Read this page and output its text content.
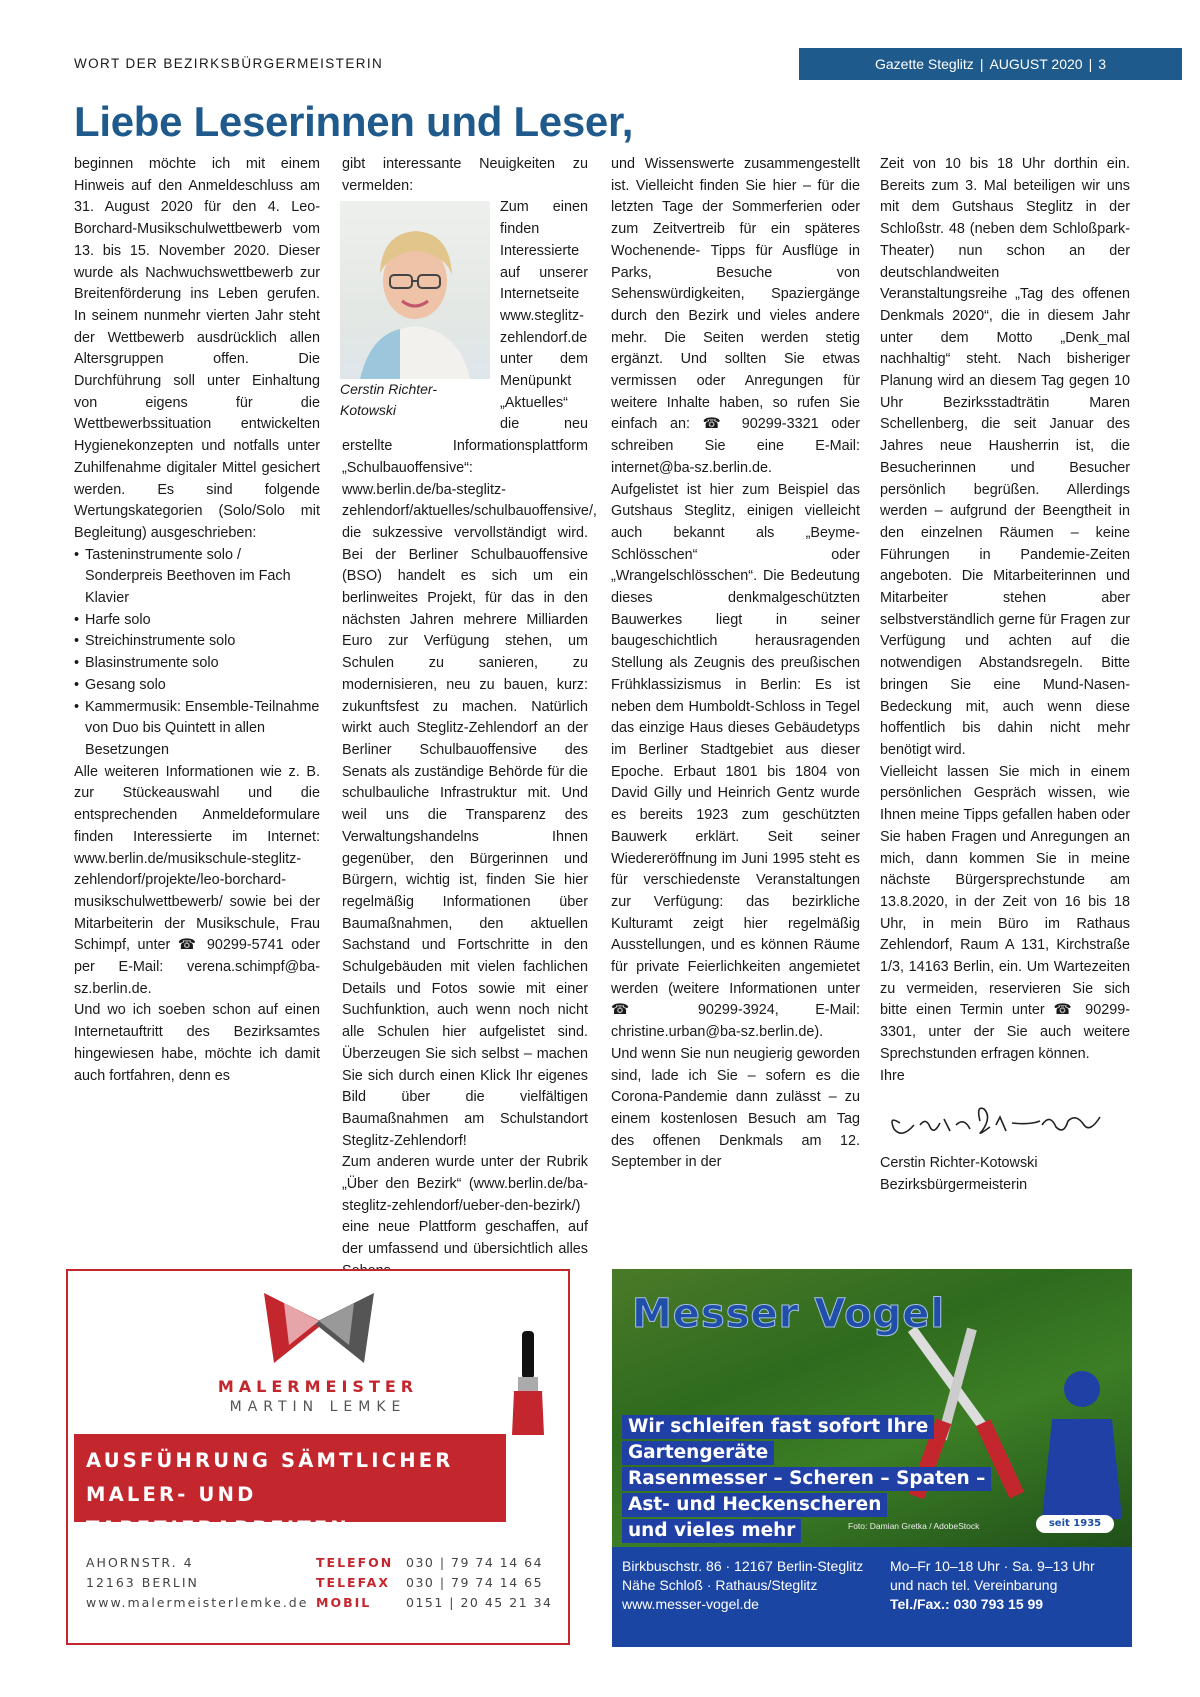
WORT DER BEZIRKSBÜRGERMEISTERIN	Gazette Steglitz | AUGUST 2020 | 3
Liebe Leserinnen und Leser,

beginnen möchte ich mit einem Hinweis auf den Anmeldeschluss am 31. August 2020 für den 4. Leo-Borchard-Musikschulwettbewerb vom 13. bis 15. November 2020. Dieser wurde als Nachwuchswettbewerb zur Breitenförderung ins Leben gerufen. In seinem nunmehr vierten Jahr steht der Wettbewerb ausdrücklich allen Altersgruppen offen. Die Durchführung soll unter Einhaltung von eigens für die Wettbewerbssituation entwickelten Hygienekonzepten und notfalls unter Zuhilfenahme digitaler Mittel gesichert werden. Es sind folgende Wertungskategorien (Solo/Solo mit Begleitung) ausgeschrieben:

• Tasteninstrumente solo / Sonderpreis Beethoven im Fach Klavier
• Harfe solo
• Streichinstrumente solo
• Blasinstrumente solo
• Gesang solo
• Kammermusik: Ensemble-Teilnahme von Duo bis Quintett in allen Besetzungen

Alle weiteren Informationen wie z. B. zur Stückeauswahl und die entsprechenden Anmeldeformulare finden Interessierte im Internet: www.berlin.de/musikschule-steglitz-zehlendorf/projekte/leo-borchard-musikschulwettbewerb/ sowie bei der Mitarbeiterin der Musikschule, Frau Schimpf, unter ☎ 90299-5741 oder per E-Mail: verena.schimpf@ba-sz.berlin.de.

Und wo ich soeben schon auf einen Internetauftritt des Bezirksamtes hingewiesen habe, möchte ich damit auch fortfahren, denn es

gibt interessante Neuigkeiten zu vermelden:

Cerstin Richter-
Kotowski

Zum einen finden Interessierte auf unserer Internetseite www.steglitz-zehlendorf.de unter dem Menüpunkt „Aktuelles“ die neu erstellte Informationsplattform „Schulbauoffensive“: www.berlin.de/ba-steglitz-zehlendorf/aktuelles/schulbauoffensive/, die sukzessive vervollständigt wird. Bei der Berliner Schulbauoffensive (BSO) handelt es sich um ein berlinweites Projekt, für das in den nächsten Jahren mehrere Milliarden Euro zur Verfügung stehen, um Schulen zu sanieren, zu modernisieren, neu zu bauen, kurz: zukunftsfest zu machen. Natürlich wirkt auch Steglitz-Zehlendorf an der Berliner Schulbauoffensive des Senats als zuständige Behörde für die schulbauliche Infrastruktur mit. Und weil uns die Transparenz des Verwaltungshandelns Ihnen gegenüber, den Bürgerinnen und Bürgern, wichtig ist, finden Sie hier regelmäßig Informationen über Baumaßnahmen, den aktuellen Sachstand und Fortschritte in den Schulgebäuden mit vielen fachlichen Details und Fotos sowie mit einer Suchfunktion, auch wenn noch nicht alle Schulen hier aufgelistet sind. Überzeugen Sie sich selbst – machen Sie sich durch einen Klick Ihr eigenes Bild über die vielfältigen Baumaßnahmen am Schulstandort Steglitz-Zehlendorf!

Zum anderen wurde unter der Rubrik „Über den Bezirk“ (www.berlin.de/ba-steglitz-zehlendorf/ueber-den-bezirk/) eine neue Plattform geschaffen, auf der umfassend und übersichtlich alles

und Wissenswerte zusammengestellt ist. Vielleicht finden Sie hier – für die letzten Tage der Sommerferien oder zum Zeitvertreib für ein späteres Wochenende- Tipps für Ausflüge in Parks, Besuche von Sehenswürdigkeiten, Spaziergänge durch den Bezirk und vieles andere mehr. Die Seiten werden stetig ergänzt. Und sollten Sie etwas vermissen oder Anregungen für weitere Inhalte haben, so rufen Sie einfach an: ☎ 90299-3321 oder schreiben Sie eine E-Mail: internet@ba-sz.berlin.de.

Aufgelistet ist hier zum Beispiel das Gutshaus Steglitz, einigen vielleicht auch bekannt als „Beyme-Schlösschen“ oder „Wrangelschlösschen“. Die Bedeutung dieses denkmalgeschützten Bauwerkes liegt in seiner baugeschichtlich herausragenden Stellung als Zeugnis des preußischen Frühklassizismus in Berlin: Es ist neben dem Humboldt-Schloss in Tegel das einzige Haus dieses Gebäudetyps im Berliner Stadtgebiet aus dieser Epoche. Erbaut 1801 bis 1804 von David Gilly und Heinrich Gentz wurde es bereits 1923 zum geschützten Bauwerk erklärt. Seit seiner Wiedereröffnung im Juni 1995 steht es für verschiedenste Veranstaltungen zur Verfügung: das bezirkliche Kulturamt zeigt hier regelmäßig Ausstellungen, und es können Räume für private Feierlichkeiten angemietet werden (weitere Informationen unter ☎ 90299-3924, E-Mail: christine.urban@ba-sz.berlin.de).

Und wenn Sie nun neugierig geworden sind, lade ich Sie – sofern es die Corona-Pandemie dann zulässt – zu einem kostenlosen Besuch am Tag des offenen Denkmals am 12. September in der

Zeit von 10 bis 18 Uhr dorthin ein. Bereits zum 3. Mal beteiligen wir uns mit dem Gutshaus Steglitz in der Schloßstr. 48 (neben dem Schloßpark-Theater) nun schon an der deutschlandweiten Veranstaltungsreihe „Tag des offenen Denkmals 2020“, die in diesem Jahr unter dem Motto „Denk_mal nachhaltig“ steht. Nach bisheriger Planung wird an diesem Tag gegen 10 Uhr Bezirksstadträtin Maren Schellenberg, die seit Januar des Jahres neue Hausherrin ist, die Besucherinnen und Besucher persönlich begrüßen. Allerdings werden – aufgrund der Beengtheit in den einzelnen Räumen – keine Führungen in Pandemie-Zeiten angeboten. Die Mitarbeiterinnen und Mitarbeiter stehen aber selbstverständlich gerne für Fragen zur Verfügung und achten auf die notwendigen Abstandsregeln. Bitte bringen Sie eine Mund-Nasen-Bedeckung mit, auch wenn diese hoffentlich bis dahin nicht mehr benötigt wird.

Vielleicht lassen Sie mich in einem persönlichen Gespräch wissen, wie Ihnen meine Tipps gefallen haben oder Sie haben Fragen und Anregungen an mich, dann kommen Sie in meine nächste Bürgersprechstunde am 13.8.2020, in der Zeit von 16 bis 18 Uhr, in mein Büro im Rathaus Zehlendorf, Raum A 131, Kirchstraße 1/3, 14163 Berlin, ein. Um Wartezeiten zu vermeiden, reservieren Sie sich bitte einen Termin unter ☎ 90299-3301, unter der Sie auch weitere Sprechstunden erfragen können.

Ihre

Cerstin Richter-Kotowski

Bezirksbürgermeisterin

MALERMEISTER
MARTIN LEMKE
AUSFÜHRUNG SÄMTLICHER
MALER- UND TAPEZIERARBEITEN
AHORNSTR. 4
12163 BERLIN
www.malermeisterlemke.de
TELEFON 030 | 79 74 14 64
TELEFAX 030 | 79 74 14 65
MOBIL	0151 | 20 45 21 34
Messer Vogel
Wir schleifen fast sofort Ihre
Gartengeräte
Rasenmesser – Scheren – Spaten –
Ast- und Heckenscheren
und vieles mehr	Foto: Damian Gretka / AdobeStock	seit 1935
Birkbuschstr. 86 · 12167 Berlin-Steglitz
Nähe Schloß · Rathaus/Steglitz
www.messer-vogel.de
Mo–Fr 10–18 Uhr · Sa. 9–13 Uhr
und nach tel. Vereinbarung
Tel./Fax.: 030 793 15 99
